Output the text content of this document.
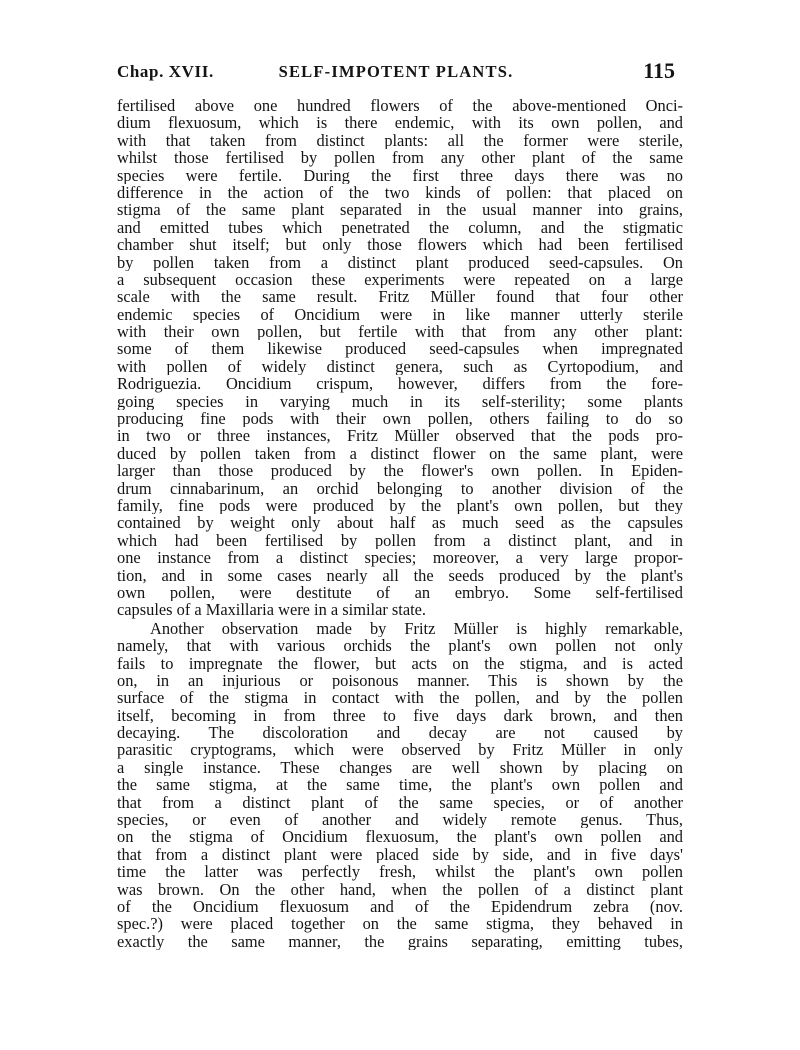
Chap. XVII.	SELF-IMPOTENT PLANTS.	115
fertilised above one hundred flowers of the above-mentioned Onci-
dium flexuosum, which is there endemic, with its own pollen, and
with that taken from distinct plants: all the former were sterile,
whilst those fertilised by pollen from any other plant of the same
species were fertile. During the first three days there was no
difference in the action of the two kinds of pollen: that placed on
stigma of the same plant separated in the usual manner into grains,
and emitted tubes which penetrated the column, and the stigmatic
chamber shut itself; but only those flowers which had been fertilised
by pollen taken from a distinct plant produced seed-capsules. On
a subsequent occasion these experiments were repeated on a large
scale with the same result. Fritz Müller found that four other
endemic species of Oncidium were in like manner utterly sterile
with their own pollen, but fertile with that from any other plant:
some of them likewise produced seed-capsules when impregnated
with pollen of widely distinct genera, such as Cyrtopodium, and
Rodriguezia. Oncidium crispum, however, differs from the fore-
going species in varying much in its self-sterility; some plants
producing fine pods with their own pollen, others failing to do so
in two or three instances, Fritz Müller observed that the pods pro-
duced by pollen taken from a distinct flower on the same plant, were
larger than those produced by the flower's own pollen. In Epiden-
drum cinnabarinum, an orchid belonging to another division of the
family, fine pods were produced by the plant's own pollen, but they
contained by weight only about half as much seed as the capsules
which had been fertilised by pollen from a distinct plant, and in
one instance from a distinct species; moreover, a very large propor-
tion, and in some cases nearly all the seeds produced by the plant's
own pollen, were destitute of an embryo. Some self-fertilised
capsules of a Maxillaria were in a similar state.
Another observation made by Fritz Müller is highly remarkable,
namely, that with various orchids the plant's own pollen not only
fails to impregnate the flower, but acts on the stigma, and is acted
on, in an injurious or poisonous manner. This is shown by the
surface of the stigma in contact with the pollen, and by the pollen
itself, becoming in from three to five days dark brown, and then
decaying. The discoloration and decay are not caused by
parasitic cryptograms, which were observed by Fritz Müller in only
a single instance. These changes are well shown by placing on
the same stigma, at the same time, the plant's own pollen and
that from a distinct plant of the same species, or of another
species, or even of another and widely remote genus. Thus,
on the stigma of Oncidium flexuosum, the plant's own pollen and
that from a distinct plant were placed side by side, and in five days'
time the latter was perfectly fresh, whilst the plant's own pollen
was brown. On the other hand, when the pollen of a distinct plant
of the Oncidium flexuosum and of the Epidendrum zebra (nov.
spec.?) were placed together on the same stigma, they behaved in
exactly the same manner, the grains separating, emitting tubes,
